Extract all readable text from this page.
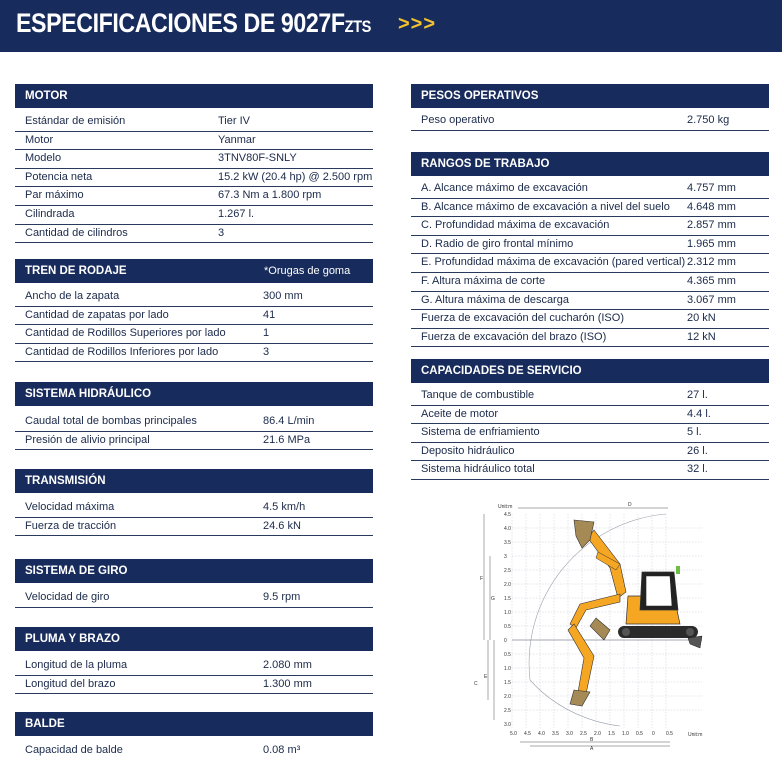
ESPECIFICACIONES DE 9027FZTS >>>
MOTOR
Estándar de emisión	Tier IV
Motor	Yanmar
Modelo	3TNV80F-SNLY
Potencia neta	15.2 kW (20.4 hp) @ 2.500 rpm
Par máximo	67.3 Nm a 1.800 rpm
Cilindrada	1.267 l.
Cantidad de cilindros	3
TREN DE RODAJE	*Orugas de goma
Ancho de la zapata	300 mm
Cantidad de zapatas por lado	41
Cantidad de Rodillos Superiores por lado	1
Cantidad de Rodillos Inferiores por lado	3
SISTEMA HIDRÁULICO
Caudal total de bombas principales	86.4 L/min
Presión de alivio principal	21.6 MPa
TRANSMISIÓN
Velocidad máxima	4.5 km/h
Fuerza de tracción	24.6 kN
SISTEMA DE GIRO
Velocidad de giro	9.5 rpm
PLUMA Y BRAZO
Longitud de la pluma	2.080 mm
Longitud del brazo	1.300 mm
BALDE
Capacidad de balde	0.08 m³
PESOS OPERATIVOS
Peso operativo	2.750 kg
RANGOS DE TRABAJO
A. Alcance máximo de excavación	4.757 mm
B. Alcance máximo de excavación a nivel del suelo 4.648 mm
C. Profundidad máxima de excavación	2.857 mm
D. Radio de giro frontal mínimo	1.965 mm
E. Profundidad máxima de excavación (pared vertical) 2.312 mm
F. Altura máxima de corte	4.365 mm
G. Altura máxima de descarga	3.067 mm
Fuerza de excavación del cucharón (ISO)	20 kN
Fuerza de excavación del brazo (ISO)	12 kN
CAPACIDADES DE SERVICIO
Tanque de combustible	27 l.
Aceite de motor	4.4 l.
Sistema de enfriamiento	5 l.
Deposito hidráulico	26 l.
Sistema hidráulico total	32 l.
4.5
4.0
3.5
3
2.5
2.0
1.5
1.0
0.5
0
0.5
1.0
1.5
2.0
2.5
3.0
5.0 4.5 4.0 3.5 3.0 2.5 2.0 1.5 1.0 0.5 0 0.5
Unit:m
Unit:m
D
F
G
C
E
B
A
